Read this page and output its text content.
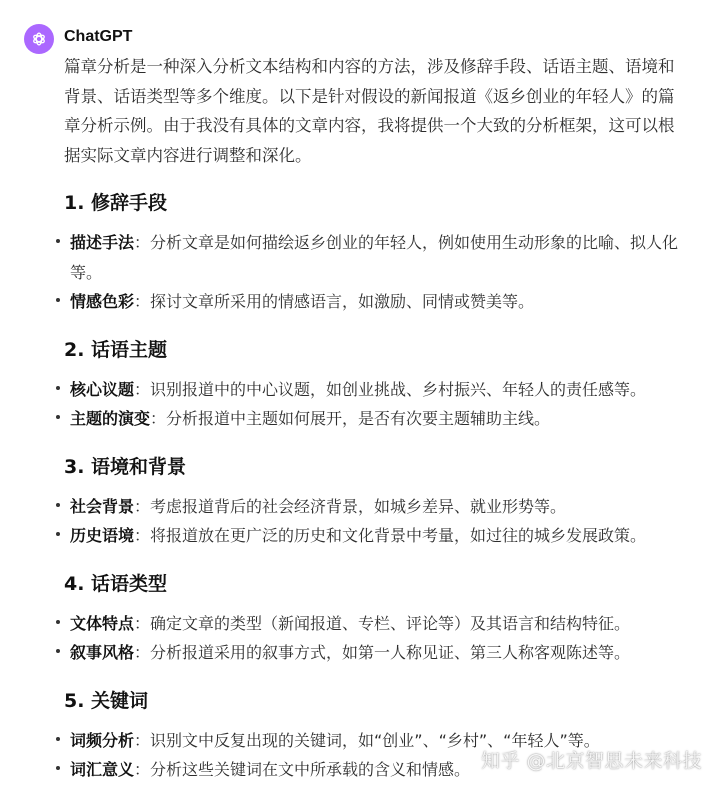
ChatGPT

篇章分析是一种深入分析文本结构和内容的方法，涉及修辞手段、话语主题、语境和背景、话语类型等多个维度。以下是针对假设的新闻报道《返乡创业的年轻人》的篇章分析示例。由于我没有具体的文章内容，我将提供一个大致的分析框架，这可以根据实际文章内容进行调整和深化。

1. 修辞手段
描述手法：分析文章是如何描绘返乡创业的年轻人，例如使用生动形象的比喻、拟人化等。
情感色彩：探讨文章所采用的情感语言，如激励、同情或赞美等。
2. 话语主题
核心议题：识别报道中的中心议题，如创业挑战、乡村振兴、年轻人的责任感等。
主题的演变：分析报道中主题如何展开，是否有次要主题辅助主线。
3. 语境和背景
社会背景：考虑报道背后的社会经济背景，如城乡差异、就业形势等。
历史语境：将报道放在更广泛的历史和文化背景中考量，如过往的城乡发展政策。
4. 话语类型
文体特点：确定文章的类型（新闻报道、专栏、评论等）及其语言和结构特征。
叙事风格：分析报道采用的叙事方式，如第一人称见证、第三人称客观陈述等。
5. 关键词
词频分析：识别文中反复出现的关键词，如“创业”、“乡村”、“年轻人”等。
词汇意义：分析这些关键词在文中所承载的含义和情感。 知乎 @北京智思未来科技
